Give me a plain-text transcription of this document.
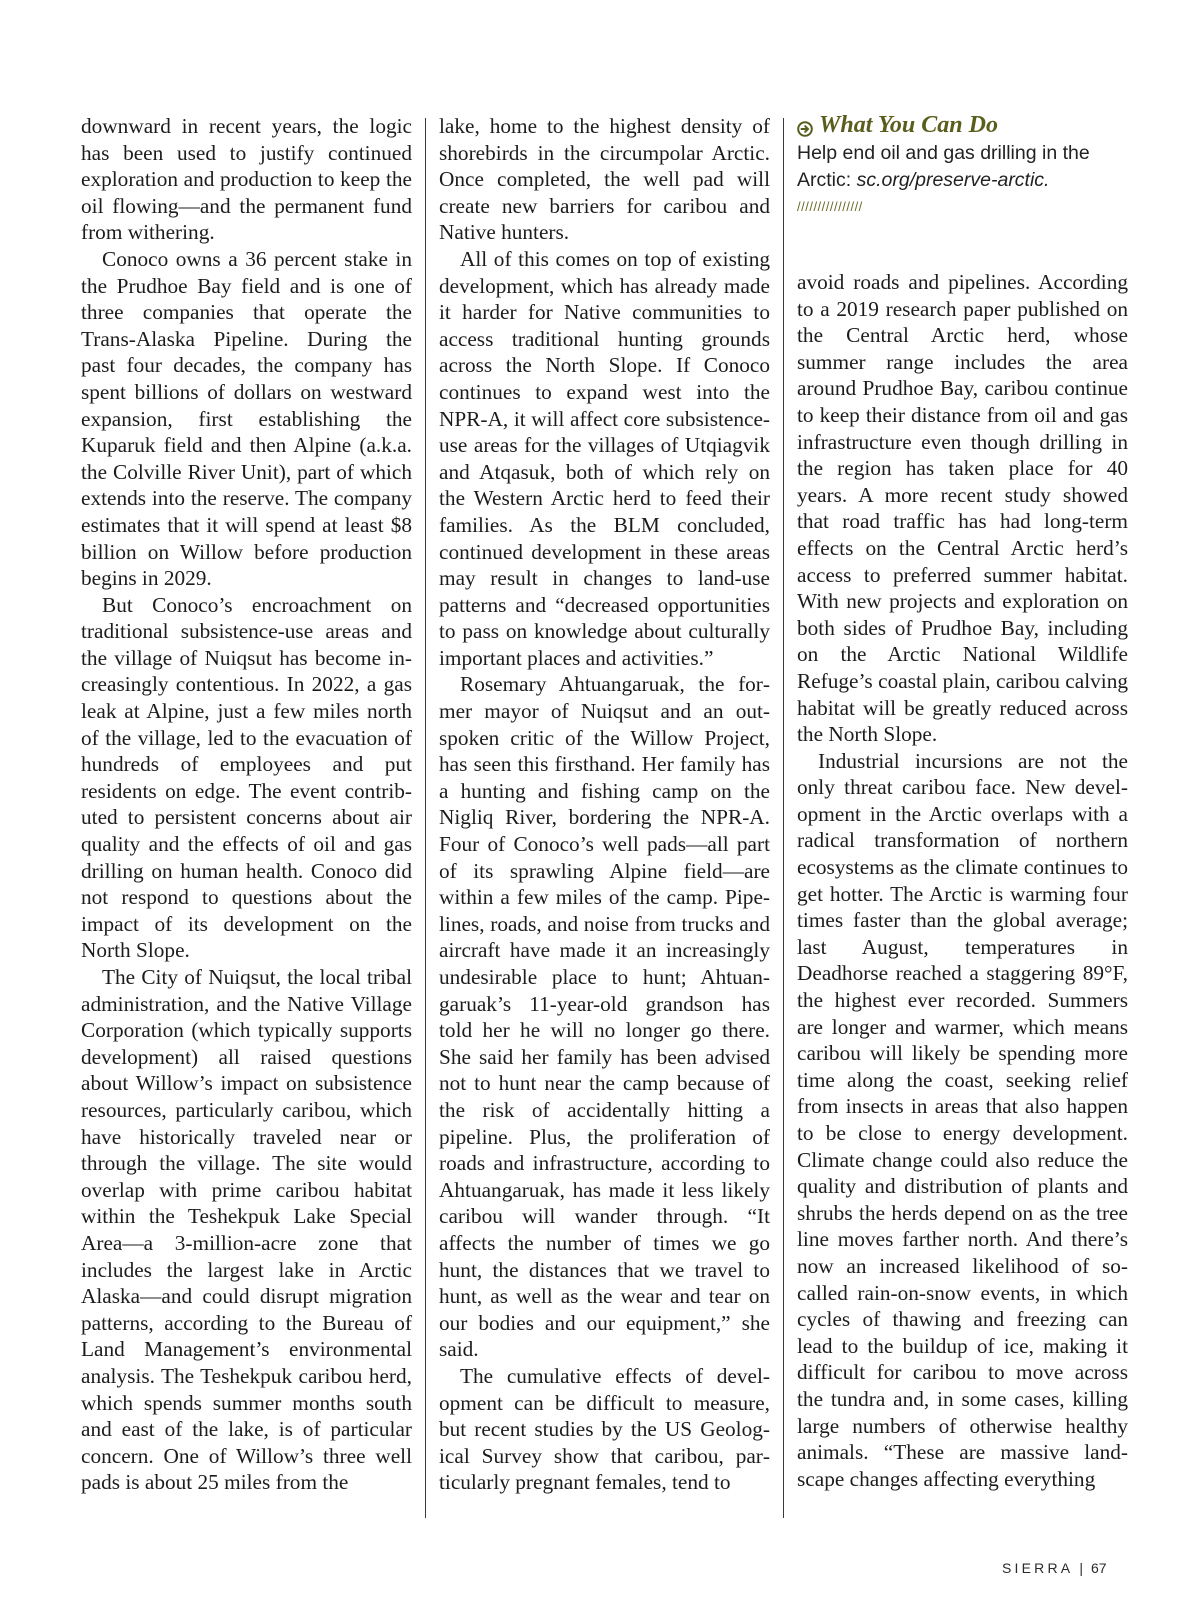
downward in recent years, the logic has been used to justify continued exploration and production to keep the oil flowing—and the permanent fund from withering.

Conoco owns a 36 percent stake in the Prudhoe Bay field and is one of three companies that operate the Trans-Alaska Pipeline. During the past four decades, the company has spent billions of dollars on westward expansion, first establishing the Kuparuk field and then Alpine (a.k.a. the Colville River Unit), part of which extends into the reserve. The company estimates that it will spend at least $8 billion on Willow before production begins in 2029.

But Conoco’s encroachment on traditional subsistence-use areas and the village of Nuiqsut has become increasingly contentious. In 2022, a gas leak at Alpine, just a few miles north of the village, led to the evacuation of hundreds of employees and put residents on edge. The event contributed to persistent concerns about air quality and the effects of oil and gas drilling on human health. Conoco did not respond to questions about the impact of its development on the North Slope.

The City of Nuiqsut, the local tribal administration, and the Native Village Corporation (which typically supports development) all raised questions about Willow’s impact on subsistence resources, particularly caribou, which have historically traveled near or through the village. The site would overlap with prime caribou habitat within the Teshekpuk Lake Special Area—a 3-million-acre zone that includes the largest lake in Arctic Alaska—and could disrupt migration patterns, according to the Bureau of Land Management’s environmental analysis. The Teshekpuk caribou herd, which spends summer months south and east of the lake, is of particular concern. One of Willow’s three well pads is about 25 miles from the

lake, home to the highest density of shorebirds in the circumpolar Arctic. Once completed, the well pad will create new barriers for caribou and Native hunters.

All of this comes on top of existing development, which has already made it harder for Native communities to access traditional hunting grounds across the North Slope. If Conoco continues to expand west into the NPR-A, it will affect core subsistence-use areas for the villages of Utqiagvik and Atqasuk, both of which rely on the Western Arctic herd to feed their families. As the BLM concluded, continued development in these areas may result in changes to land-use patterns and “decreased opportunities to pass on knowledge about culturally important places and activities.”

Rosemary Ahtuangaruak, the former mayor of Nuiqsut and an outspoken critic of the Willow Project, has seen this firsthand. Her family has a hunting and fishing camp on the Nigliq River, bordering the NPR-A. Four of Conoco’s well pads—all part of its sprawling Alpine field—are within a few miles of the camp. Pipelines, roads, and noise from trucks and aircraft have made it an increasingly undesirable place to hunt; Ahtuangaruak’s 11-year-old grandson has told her he will no longer go there. She said her family has been advised not to hunt near the camp because of the risk of accidentally hitting a pipeline. Plus, the proliferation of roads and infrastructure, according to Ahtuangaruak, has made it less likely caribou will wander through. “It affects the number of times we go hunt, the distances that we travel to hunt, as well as the wear and tear on our bodies and our equipment,” she said.

The cumulative effects of development can be difficult to measure, but recent studies by the US Geological Survey show that caribou, particularly pregnant females, tend to

What You Can Do
Help end oil and gas drilling in the Arctic: sc.org/preserve-arctic.
////////////////

avoid roads and pipelines. According to a 2019 research paper published on the Central Arctic herd, whose summer range includes the area around Prudhoe Bay, caribou continue to keep their distance from oil and gas infrastructure even though drilling in the region has taken place for 40 years. A more recent study showed that road traffic has had long-term effects on the Central Arctic herd’s access to preferred summer habitat. With new projects and exploration on both sides of Prudhoe Bay, including on the Arctic National Wildlife Refuge’s coastal plain, caribou calving habitat will be greatly reduced across the North Slope.

Industrial incursions are not the only threat caribou face. New development in the Arctic overlaps with a radical transformation of northern ecosystems as the climate continues to get hotter. The Arctic is warming four times faster than the global average; last August, temperatures in Deadhorse reached a staggering 89°F, the highest ever recorded. Summers are longer and warmer, which means caribou will likely be spending more time along the coast, seeking relief from insects in areas that also happen to be close to energy development. Climate change could also reduce the quality and distribution of plants and shrubs the herds depend on as the tree line moves farther north. And there’s now an increased likelihood of so-called rain-on-snow events, in which cycles of thawing and freezing can lead to the buildup of ice, making it difficult for caribou to move across the tundra and, in some cases, killing large numbers of otherwise healthy animals. “These are massive landscape changes affecting everything

SIERRA | 67
